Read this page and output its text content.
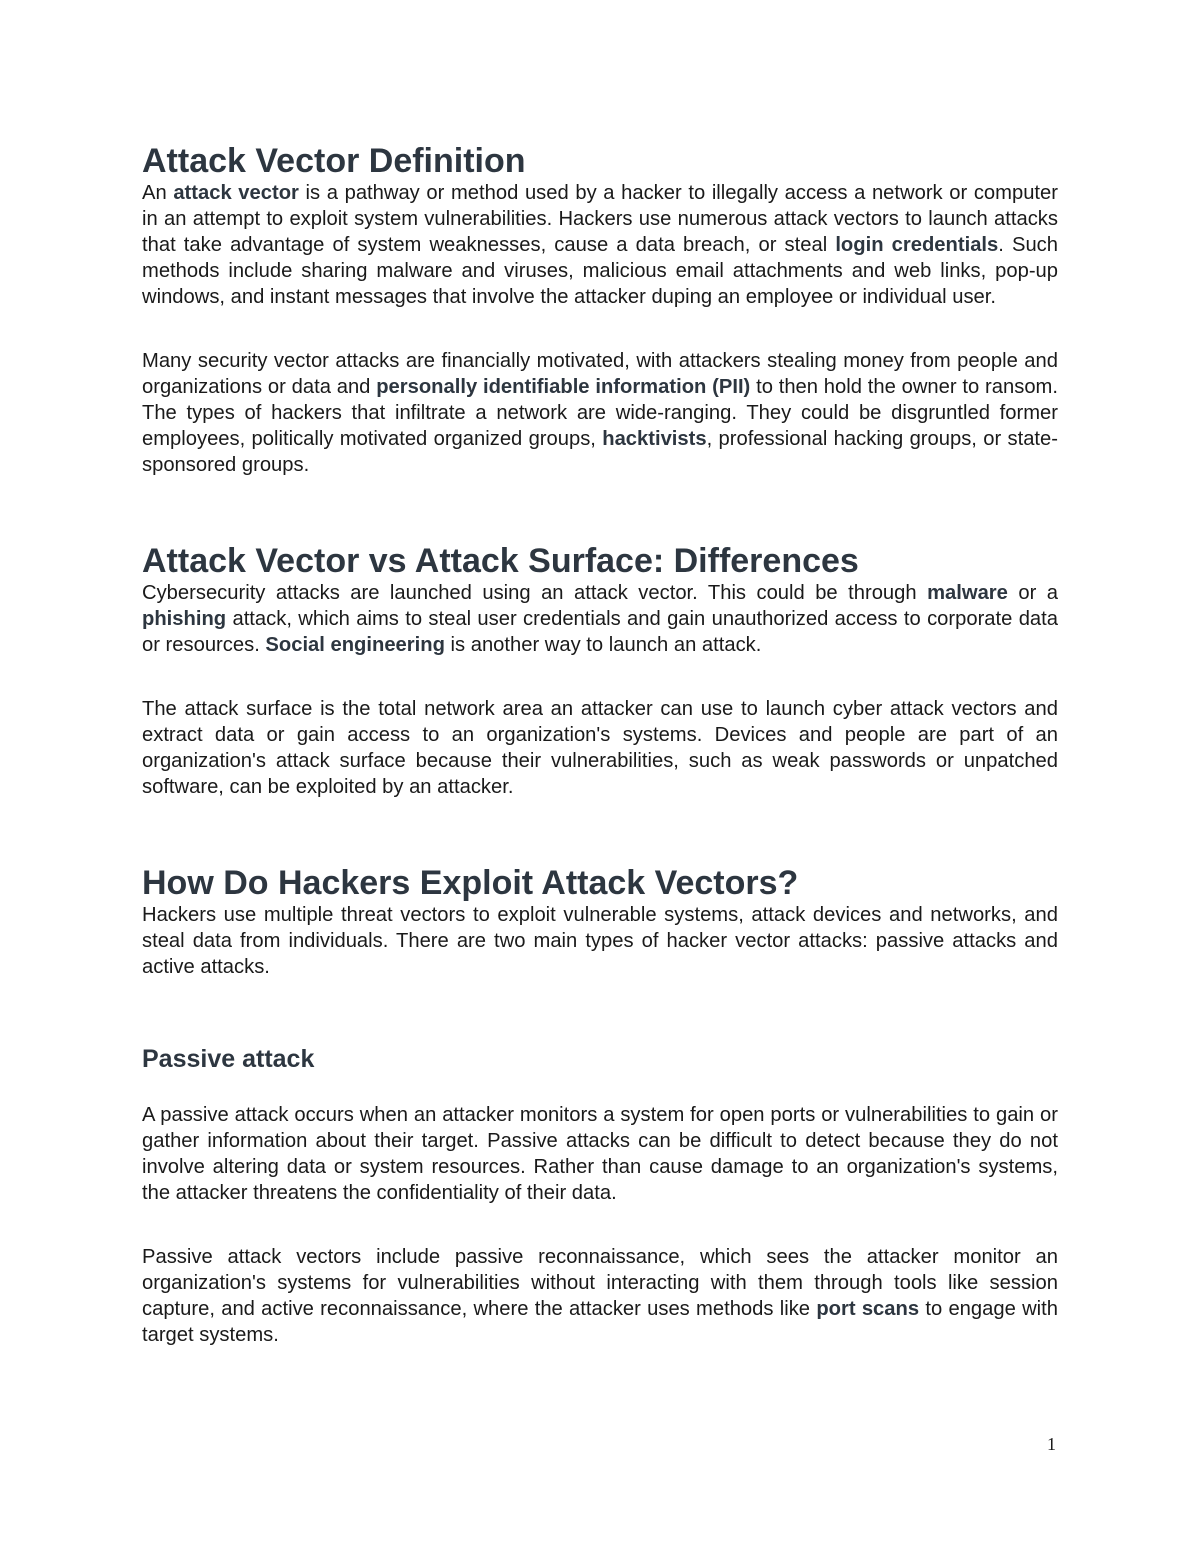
Attack Vector Definition

An attack vector is a pathway or method used by a hacker to illegally access a network or computer in an attempt to exploit system vulnerabilities. Hackers use numerous attack vectors to launch attacks that take advantage of system weaknesses, cause a data breach, or steal login credentials. Such methods include sharing malware and viruses, malicious email attachments and web links, pop-up windows, and instant messages that involve the attacker duping an employee or individual user.

Many security vector attacks are financially motivated, with attackers stealing money from people and organizations or data and personally identifiable information (PII) to then hold the owner to ransom. The types of hackers that infiltrate a network are wide-ranging. They could be disgruntled former employees, politically motivated organized groups, hacktivists, professional hacking groups, or state-sponsored groups.

Attack Vector vs Attack Surface: Differences

Cybersecurity attacks are launched using an attack vector. This could be through malware or a phishing attack, which aims to steal user credentials and gain unauthorized access to corporate data or resources. Social engineering is another way to launch an attack.

The attack surface is the total network area an attacker can use to launch cyber attack vectors and extract data or gain access to an organization's systems. Devices and people are part of an organization's attack surface because their vulnerabilities, such as weak passwords or unpatched software, can be exploited by an attacker.

How Do Hackers Exploit Attack Vectors?

Hackers use multiple threat vectors to exploit vulnerable systems, attack devices and networks, and steal data from individuals. There are two main types of hacker vector attacks: passive attacks and active attacks.

Passive attack

A passive attack occurs when an attacker monitors a system for open ports or vulnerabilities to gain or gather information about their target. Passive attacks can be difficult to detect because they do not involve altering data or system resources. Rather than cause damage to an organization's systems, the attacker threatens the confidentiality of their data.

Passive attack vectors include passive reconnaissance, which sees the attacker monitor an organization's systems for vulnerabilities without interacting with them through tools like session capture, and active reconnaissance, where the attacker uses methods like port scans to engage with target systems.

1
